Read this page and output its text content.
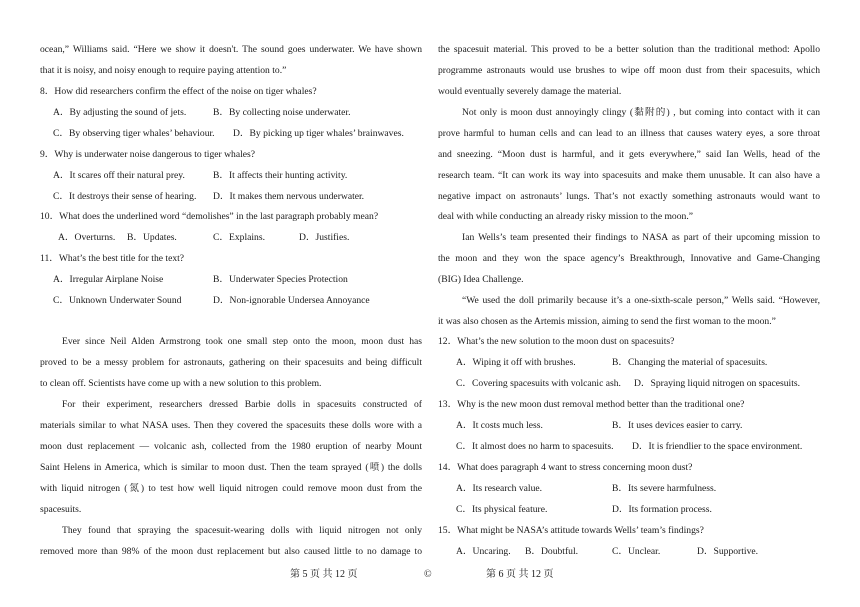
ocean,” Williams said. “Here we show it doesn't. The sound goes underwater. We have shown
that it is noisy, and noisy enough to require paying attention to.”
8．How did researchers confirm the effect of the noise on tiger whales?
A．By adjusting the sound of jets.	B．By collecting noise underwater.
C．By observing tiger whales’ behaviour. D．By picking up tiger whales’ brainwaves.
9．Why is underwater noise dangerous to tiger whales?
A．It scares off their natural prey.	B．It affects their hunting activity.
C．It destroys their sense of hearing. D．It makes them nervous underwater.
10．What does the underlined word “demolishes” in the last paragraph probably mean?
A．Overturns. B．Updates.	C．Explains.	D．Justifies.
11．What’s the best title for the text?
A．Irregular Airplane Noise	B．Underwater Species Protection
C．Unknown Underwater Sound	D．Non-ignorable Undersea Annoyance
Ever since Neil Alden Armstrong took one small step onto the moon, moon dust has
proved to be a messy problem for astronauts, gathering on their spacesuits and being difficult
to clean off. Scientists have come up with a new solution to this problem.
For their experiment, researchers dressed Barbie dolls in spacesuits constructed of
materials similar to what NASA uses. Then they covered the spacesuits these dolls wore with a
moon dust replacement — volcanic ash, collected from the 1980 eruption of nearby Mount
Saint Helens in America, which is similar to moon dust. Then the team sprayed (喷) the dolls
with liquid nitrogen (氮) to test how well liquid nitrogen could remove moon dust from the
spacesuits.
They found that spraying the spacesuit-wearing dolls with liquid nitrogen not only
removed more than 98% of the moon dust replacement but also caused little to no damage to
the spacesuit material. This proved to be a better solution than the traditional method: Apollo
programme astronauts would use brushes to wipe off moon dust from their spacesuits, which
would eventually severely damage the material.
Not only is moon dust annoyingly clingy (黏附的) , but coming into contact with it can
prove harmful to human cells and can lead to an illness that causes watery eyes, a sore throat
and sneezing. “Moon dust is harmful, and it gets everywhere,” said Ian Wells, head of the
research team. “It can work its way into spacesuits and make them unusable. It can also have a
negative impact on astronauts’ lungs. That’s not exactly something astronauts would want to
deal with while conducting an already risky mission to the moon.”
Ian Wells’s team presented their findings to NASA as part of their upcoming mission to
the moon and they won the space agency’s Breakthrough, Innovative and Game-Changing
(BIG) Idea Challenge.
“We used the doll primarily because it’s a one-sixth-scale person,” Wells said. “However,
it was also chosen as the Artemis mission, aiming to send the first woman to the moon.”
12．What’s the new solution to the moon dust on spacesuits?
A．Wiping it off with brushes.	B．Changing the material of spacesuits.
C．Covering spacesuits with volcanic ash. D．Spraying liquid nitrogen on spacesuits.
13．Why is the new moon dust removal method better than the traditional one?
A．It costs much less.	B．It uses devices easier to carry.
C．It almost does no harm to spacesuits. D．It is friendlier to the space environment.
14．What does paragraph 4 want to stress concerning moon dust?
A．Its research value.	B．Its severe harmfulness.
C．Its physical feature.	D．Its formation process.
15．What might be NASA’s attitude towards Wells’ team’s findings?
A．Uncaring. B．Doubtful.	C．Unclear.	D．Supportive.
第 5 页 共 12 页	©	第 6 页 共 12 页
